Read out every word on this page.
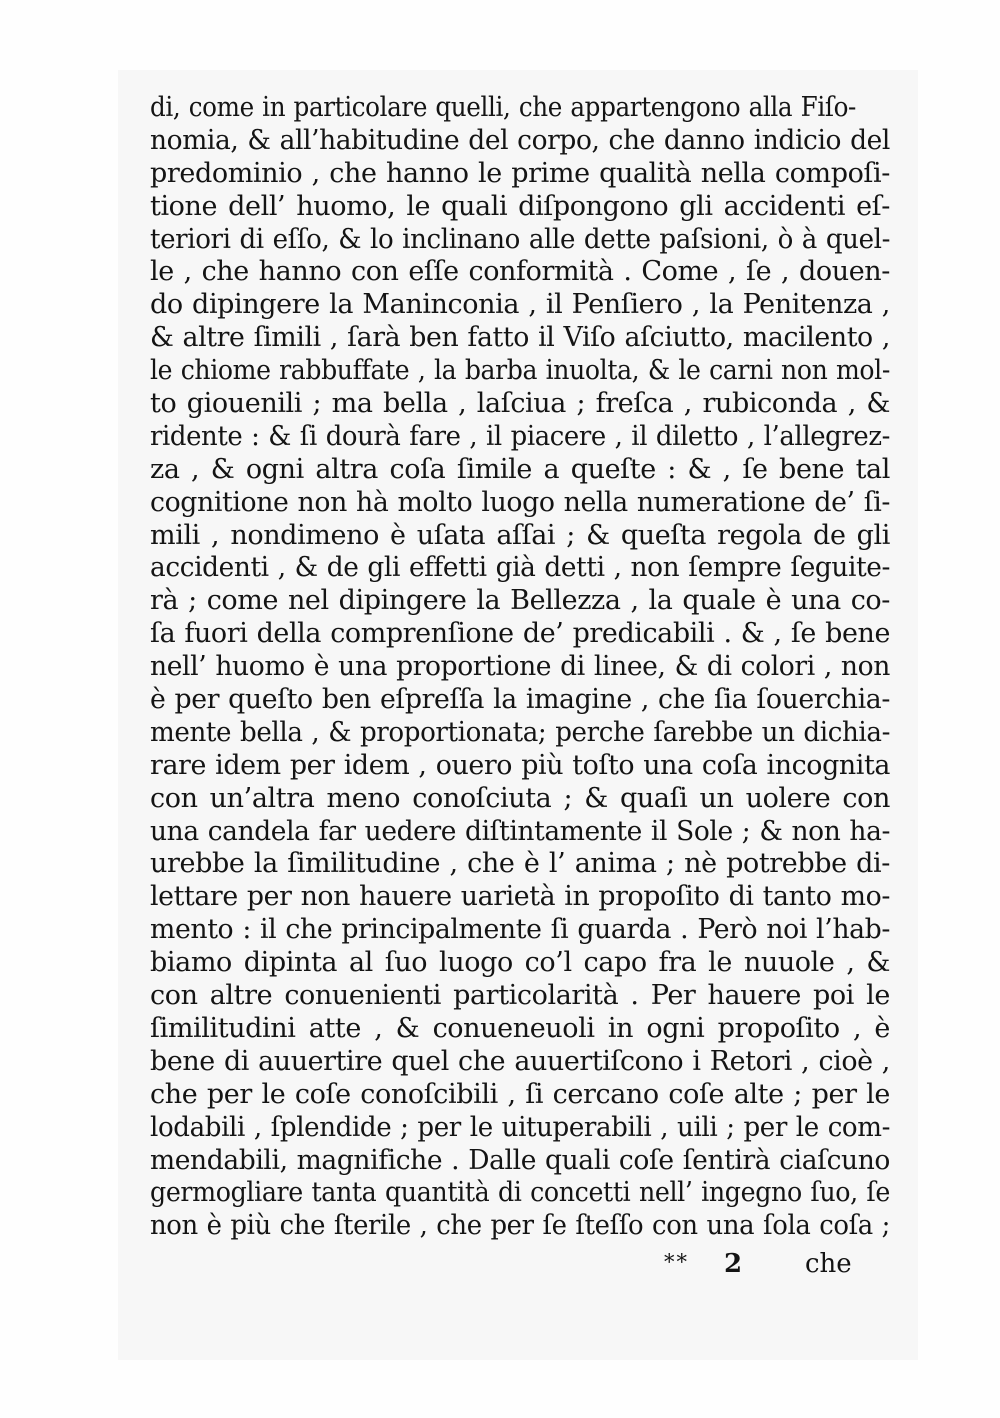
di, come in particolare quelli, che appartengono alla Fiſo-
nomia, & all’habitudine del corpo, che danno indicio del
predominio , che hanno le prime qualità nella compoſi-
tione dell’ huomo, le quali diſpongono gli accidenti eſ-
teriori di eſſo, & lo inclinano alle dette paſsioni, ò à quel-
le , che hanno con eſſe conformità . Come , ſe , douen-
do dipingere la Maninconia , il Penſiero , la Penitenza ,
& altre ſimili , ſarà ben fatto il Viſo aſciutto, macilento ,
le chiome rabbuffate , la barba inuolta, & le carni non mol-
to giouenili ; ma bella , laſciua ; freſca , rubiconda , &
ridente : & ſi dourà fare , il piacere , il diletto , l’allegrez-
za , & ogni altra coſa ſimile a queſte : & , ſe bene tal
cognitione non hà molto luogo nella numeratione de’ ſi-
mili , nondimeno è uſata aſſai ; & queſta regola de gli
accidenti , & de gli effetti già detti , non ſempre ſeguite-
rà ; come nel dipingere la Bellezza , la quale è una co-
ſa fuori della comprenſione de’ predicabili . & , ſe bene
nell’ huomo è una proportione di linee, & di colori , non
è per queſto ben eſpreſſa la imagine , che ſia ſouerchia-
mente bella , & proportionata; perche ſarebbe un dichia-
rare idem per idem , ouero più toſto una coſa incognita
con un’altra meno conoſciuta ; & quaſi un uolere con
una candela far uedere diſtintamente il Sole ; & non ha-
urebbe la ſimilitudine , che è l’ anima ; nè potrebbe di-
lettare per non hauere uarietà in propoſito di tanto mo-
mento : il che principalmente ſi guarda . Però noi l’hab-
biamo dipinta al ſuo luogo co’l capo fra le nuuole , &
con altre conuenienti particolarità . Per hauere poi le
ſimilitudini atte , & conueneuoli in ogni propoſito , è
bene di auuertire quel che auuertiſcono i Retori , cioè ,
che per le coſe conoſcibili , ſi cercano coſe alte ; per le
lodabili , ſplendide ; per le uituperabili , uili ; per le com-
mendabili, magnifiche . Dalle quali coſe ſentirà ciaſcuno
germogliare tanta quantità di concetti nell’ ingegno ſuo, ſe
non è più che ſterile , che per ſe ſteſſo con una ſola coſa ;
** 2 che
